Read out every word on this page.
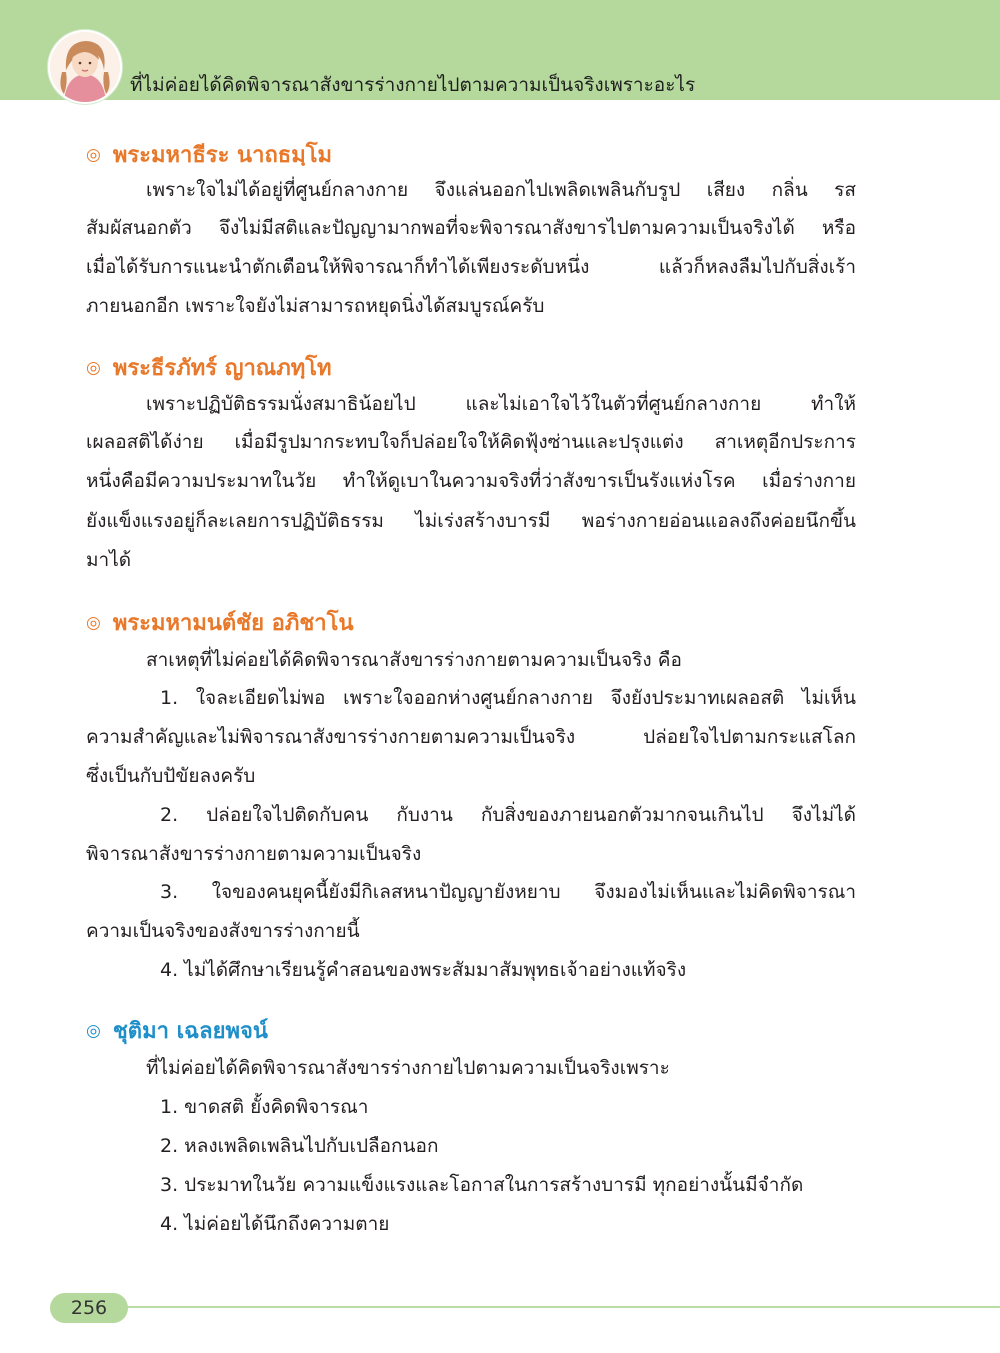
ที่ไม่ค่อยได้คิดพิจารณาสังขารร่างกายไปตามความเป็นจริงเพราะอะไร
◎ พระมหาธีระ นาถธมฺโม
เพราะใจไม่ได้อยู่ที่ศูนย์กลางกาย จึงแล่นออกไปเพลิดเพลินกับรูป เสียง กลิ่น รส
สัมผัสนอกตัว จึงไม่มีสติและปัญญามากพอที่จะพิจารณาสังขารไปตามความเป็นจริงได้ หรือ
เมื่อได้รับการแนะนำตักเตือนให้พิจารณาก็ทำได้เพียงระดับหนึ่ง แล้วก็หลงลืมไปกับสิ่งเร้า
ภายนอกอีก เพราะใจยังไม่สามารถหยุดนิ่งได้สมบูรณ์ครับ
◎ พระธีรภัทร์ ญาณภทฺโท
เพราะปฏิบัติธรรมนั่งสมาธิน้อยไป และไม่เอาใจไว้ในตัวที่ศูนย์กลางกาย ทำให้
เผลอสติได้ง่าย เมื่อมีรูปมากระทบใจก็ปล่อยใจให้คิดฟุ้งซ่านและปรุงแต่ง สาเหตุอีกประการ
หนึ่งคือมีความประมาทในวัย ทำให้ดูเบาในความจริงที่ว่าสังขารเป็นรังแห่งโรค เมื่อร่างกาย
ยังแข็งแรงอยู่ก็ละเลยการปฏิบัติธรรม ไม่เร่งสร้างบารมี พอร่างกายอ่อนแอลงถึงค่อยนึกขึ้น
มาได้
◎ พระมหามนต์ชัย อภิชาโน
สาเหตุที่ไม่ค่อยได้คิดพิจารณาสังขารร่างกายตามความเป็นจริง คือ
1. ใจละเอียดไม่พอ เพราะใจออกห่างศูนย์กลางกาย จึงยังประมาทเผลอสติ ไม่เห็น
ความสำคัญและไม่พิจารณาสังขารร่างกายตามความเป็นจริง ปล่อยใจไปตามกระแสโลก
ซึ่งเป็นกับปัขัยลงครับ
2. ปล่อยใจไปติดกับคน กับงาน กับสิ่งของภายนอกตัวมากจนเกินไป จึงไม่ได้
พิจารณาสังขารร่างกายตามความเป็นจริง
3. ใจของคนยุคนี้ยังมีกิเลสหนาปัญญายังหยาบ จึงมองไม่เห็นและไม่คิดพิจารณา
ความเป็นจริงของสังขารร่างกายนี้
4. ไม่ได้ศึกษาเรียนรู้คำสอนของพระสัมมาสัมพุทธเจ้าอย่างแท้จริง
◎ ชุติมา เฉลยพจน์
ที่ไม่ค่อยได้คิดพิจารณาสังขารร่างกายไปตามความเป็นจริงเพราะ
1. ขาดสติ ยั้งคิดพิจารณา
2. หลงเพลิดเพลินไปกับเปลือกนอก
3. ประมาทในวัย ความแข็งแรงและโอกาสในการสร้างบารมี ทุกอย่างนั้นมีจำกัด
4. ไม่ค่อยได้นึกถึงความตาย
256
